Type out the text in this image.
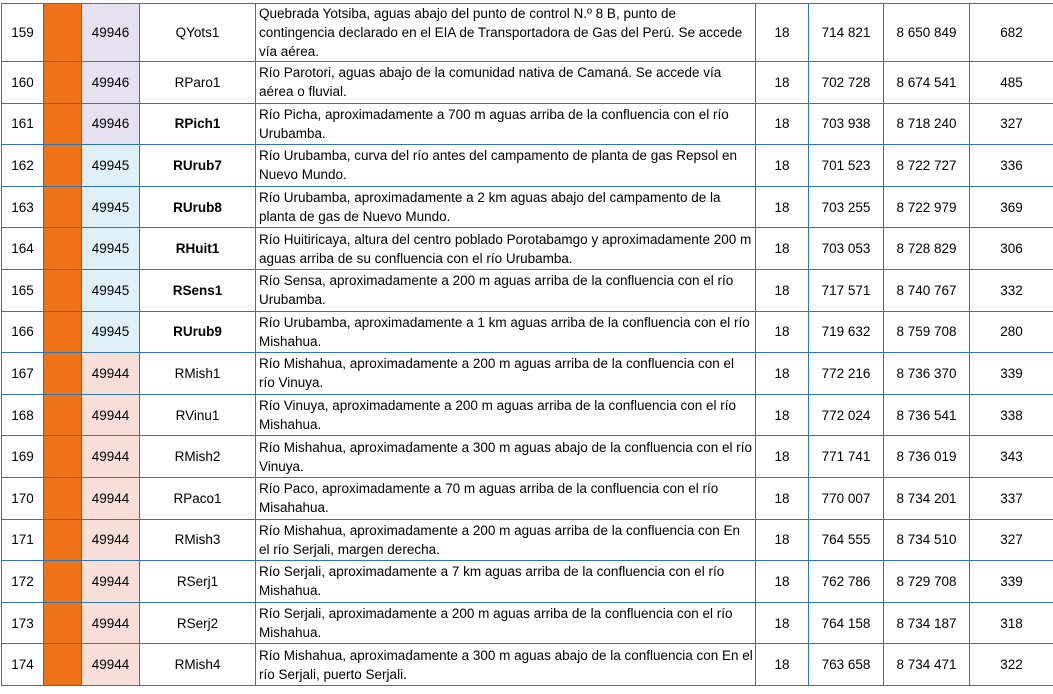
159		49946	QYots1	Quebrada Yotsiba, aguas abajo del punto de control N.º 8 B, punto de contingencia declarado en el EIA de Transportadora de Gas del Perú. Se accede vía aérea.	18	714 821	8 650 849	682
160		49946	RParo1	Río Parotori, aguas abajo de la comunidad nativa de Camaná. Se accede vía aérea o fluvial.	18	702 728	8 674 541	485
161		49946	RPich1	Río Picha, aproximadamente a 700 m aguas arriba de la confluencia con el río Urubamba.	18	703 938	8 718 240	327
162		49945	RUrub7	Río Urubamba, curva del río antes del campamento de planta de gas Repsol en Nuevo Mundo.	18	701 523	8 722 727	336
163		49945	RUrub8	Río Urubamba, aproximadamente a 2 km aguas abajo del campamento de la planta de gas de Nuevo Mundo.	18	703 255	8 722 979	369
164		49945	RHuit1	Río Huitiricaya, altura del centro poblado Porotabamgo y aproximadamente 200 m aguas arriba de su confluencia con el río Urubamba.	18	703 053	8 728 829	306
165		49945	RSens1	Río Sensa, aproximadamente a 200 m aguas arriba de la confluencia con el río Urubamba.	18	717 571	8 740 767	332
166		49945	RUrub9	Río Urubamba, aproximadamente a 1 km aguas arriba de la confluencia con el río Mishahua.	18	719 632	8 759 708	280
167		49944	RMish1	Río Mishahua, aproximadamente a 200 m aguas arriba de la confluencia con el río Vinuya.	18	772 216	8 736 370	339
168		49944	RVinu1	Río Vinuya, aproximadamente a 200 m aguas arriba de la confluencia con el río Mishahua.	18	772 024	8 736 541	338
169		49944	RMish2	Río Mishahua, aproximadamente a 300 m aguas abajo de la confluencia con el río Vinuya.	18	771 741	8 736 019	343
170		49944	RPaco1	Río Paco, aproximadamente a 70 m aguas arriba de la confluencia con el río Misahahua.	18	770 007	8 734 201	337
171		49944	RMish3	Río Mishahua, aproximadamente a 200 m aguas arriba de la confluencia con En el río Serjali, margen derecha.	18	764 555	8 734 510	327
172		49944	RSerj1	Río Serjali, aproximadamente a 7 km aguas arriba de la confluencia con el río Mishahua.	18	762 786	8 729 708	339
173		49944	RSerj2	Río Serjali, aproximadamente a 200 m aguas arriba de la confluencia con el río Mishahua.	18	764 158	8 734 187	318
174		49944	RMish4	Río Mishahua, aproximadamente a 300 m aguas abajo de la confluencia con En el río Serjali, puerto Serjali.	18	763 658	8 734 471	322
